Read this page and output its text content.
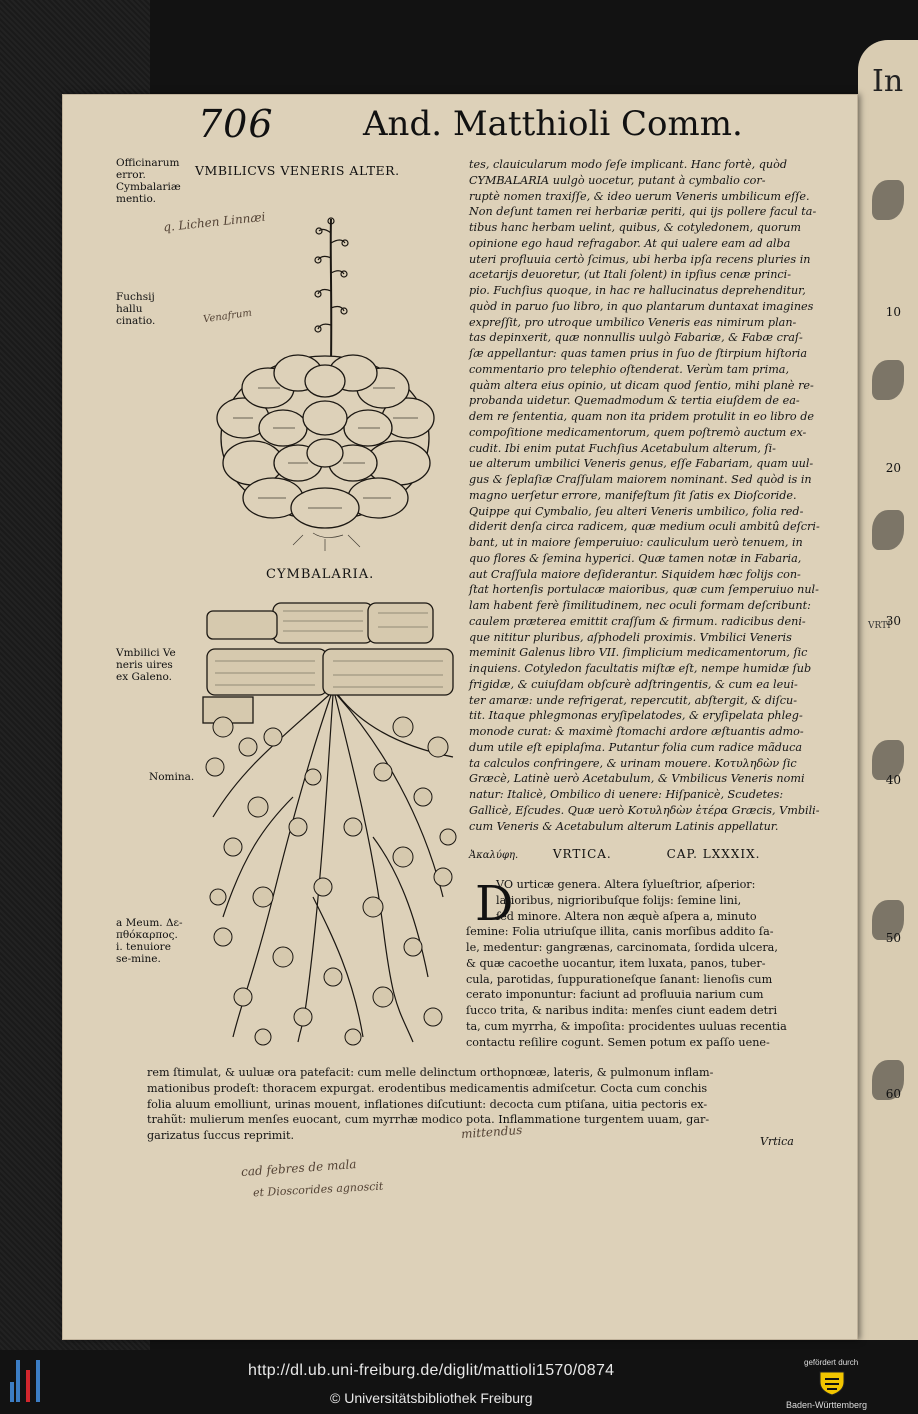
In
VRTI
706	And. Matthioli Comm.
Officinarum error. Cymbalariæ mentio.
Fuchsij hallu cinatio.
Vmbilici Ve neris uires ex Galeno.
Nomina.
a Meum. Δε-πθόκαρπος. i. tenuiore se-mine.
VMBILICVS VENERIS ALTER.
CYMBALARIA.
tes, clauicularum modo ſeſe implicant. Hanc fortè, quòd
CYMBALARIA uulgò uocetur, putant à cymbalio cor-
ruptè nomen traxiſſe, & ideo uerum Veneris umbilicum eſſe.
Non deſunt tamen rei herbariæ periti, qui ijs pollere facul ta-
tibus hanc herbam uelint, quibus, & cotyledonem, quorum
opinione ego haud refragabor. At qui ualere eam ad alba
uteri profluuia certò ſcimus, ubi herba ipſa recens pluries in
acetarijs deuoretur, (ut Itali ſolent) in ipſius cenæ princi-
pio. Fuchſius quoque, in hac re hallucinatus deprehenditur,
quòd in paruo ſuo libro, in quo plantarum duntaxat imagines
expreſſit, pro utroque umbilico Veneris eas nimirum plan-
tas depinxerit, quæ nonnullis uulgò Fabariæ, & Fabæ craſ-
ſæ appellantur: quas tamen prius in ſuo de ſtirpium hiſtoria
commentario pro telephio oſtenderat. Verùm tam prima,
quàm altera eius opinio, ut dicam quod ſentio, mihi planè re-
probanda uidetur. Quemadmodum & tertia eiuſdem de ea-
dem re ſententia, quam non ita pridem protulit in eo libro de
compoſitione medicamentorum, quem poſtremò auctum ex-
cudit. Ibi enim putat Fuchſius Acetabulum alterum, ſi-
ue alterum umbilici Veneris genus, eſſe Fabariam, quam uul-
gus & ſeplaſiæ Craſſulam maiorem nominant. Sed quòd is in
magno uerſetur errore, manifeſtum ſit ſatis ex Dioſcoride.
Quippe qui Cymbalio, ſeu alteri Veneris umbilico, folia red-
diderit denſa circa radicem, quæ medium oculi ambitû deſcri-
bant, ut in maiore ſemperuiuo: cauliculum uerò tenuem, in
quo flores & ſemina hyperici. Quæ tamen notæ in Fabaria,
aut Craſſula maiore deſiderantur. Siquidem hæc folijs con-
ſtat hortenſis portulacæ maioribus, quæ cum ſemperuiuo nul-
lam habent ferè ſimilitudinem, nec oculi formam deſcribunt:
caulem præterea emittit craſſum & firmum. radicibus deni-
que nititur pluribus, aſphodeli proximis. Vmbilici Veneris
meminit Galenus libro VII. ſimplicium medicamentorum, ſic
inquiens. Cotyledon facultatis miſtæ eſt, nempe humidæ ſub
frigidæ, & cuiuſdam obſcurè adſtringentis, & cum ea leui-
ter amaræ: unde refrigerat, repercutit, abſtergit, & diſcu-
tit. Itaque phlegmonas eryſipelatodes, & eryſipelata phleg-
monode curat: & maximè ſtomachi ardore æſtuantis admo-
dum utile eſt epiplaſma. Putantur folia cum radice mãduca
ta calculos confringere, & urinam mouere. Κοτυληδὼν ſic
Græcè, Latinè uerò Acetabulum, & Vmbilicus Veneris nomi
natur: Italicè, Ombilico di uenere: Hiſpanicè, Scudetes:
Gallicè, Eſcudes. Quæ uerò Κοτυληδὼν ἑτέρα Græcis, Vmbili-
cum Veneris & Acetabulum alterum Latinis appellatur.
10
20
30
40
50
60
Ἀκαλύφη.	VRTICA.	CAP. LXXXIX.
D
VO urticæ genera. Altera ſylueſtrior, aſperior:
latioribus, nigrioribuſque folijs: ſemine lini,
ſed minore. Altera non æquè aſpera a, minuto
ſemine: Folia utriuſque illita, canis morſibus addito ſa-
le, medentur: gangrænas, carcinomata, ſordida ulcera,
& quæ cacoethe uocantur, item luxata, panos, tuber-
cula, parotidas, ſuppurationeſque ſanant: lienoſis cum
cerato imponuntur: faciunt ad profluuia narium cum
ſucco trita, & naribus indita: menſes ciunt eadem detri
ta, cum myrrha, & impoſita: procidentes uuluas recentia
contactu reſilire cogunt. Semen potum ex paſſo uene-
rem ſtimulat, & uuluæ ora patefacit: cum melle delinctum orthopnœæ, lateris, & pulmonum inflam-
mationibus prodeſt: thoracem expurgat. erodentibus medicamentis admiſcetur. Cocta cum conchis
folia aluum emolliunt, urinas mouent, inflationes diſcutiunt: decocta cum ptiſana, uitia pectoris ex-
trahũt: mulierum menſes euocant, cum myrrhæ modico pota. Inflammatione turgentem uuam, gar-
garizatus ſuccus reprimit.	Vrtica
q. Lichen Linnæi
Venafrum
mittendus
cad febres de mala
et Dioscorides agnoscit
http://dl.ub.uni-freiburg.de/diglit/mattioli1570/0874
© Universitätsbibliothek Freiburg
gefördert durch
Baden-Württemberg
